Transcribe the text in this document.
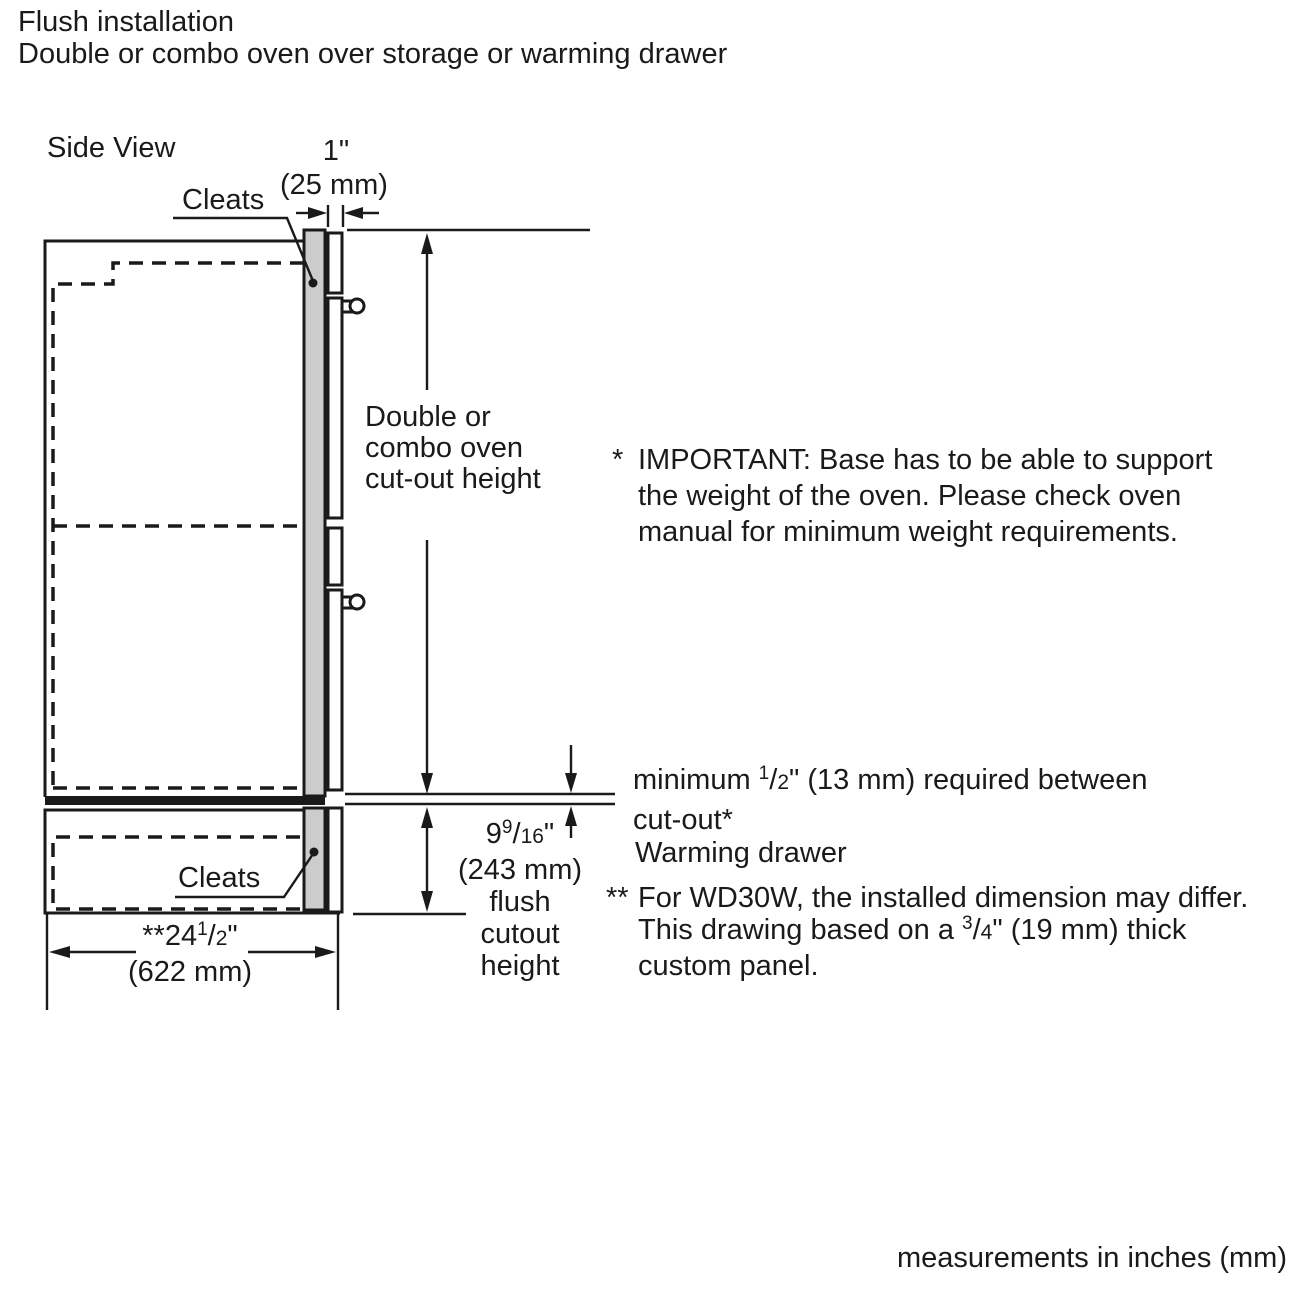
Flush installation
Double or combo oven over storage or warming drawer
Side View	1"
(25 mm)
Cleats
Cleats
Double or
combo oven
cut-out height
* IMPORTANT: Base has to be able to support
the weight of the oven. Please check oven
manual for minimum weight requirements.
minimum $^1$/2" (13 mm) required between
cut-out*
Warming drawer
** For WD30W, the installed dimension may differ.
This drawing based on a $^3$/4" (19 mm) thick
custom panel.
9$^9$/16"
(243 mm)
flush
cutout
height
**24$^1$/2"
(622 mm)
measurements in inches (mm)
